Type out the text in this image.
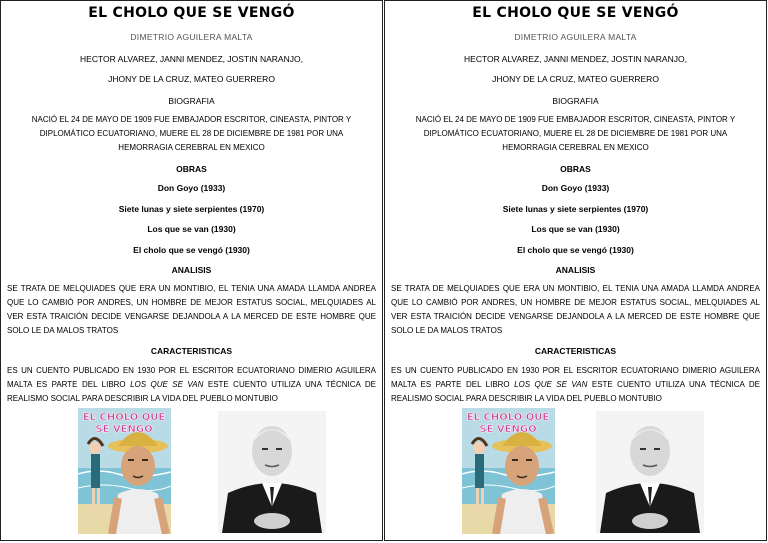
EL CHOLO QUE SE VENGÓ
DIMETRIO AGUILERA MALTA
HECTOR ALVAREZ, JANNI MENDEZ, JOSTIN NARANJO,
JHONY DE LA CRUZ, MATEO GUERRERO
BIOGRAFIA
NACIÓ EL 24 DE MAYO DE 1909 FUE EMBAJADOR ESCRITOR, CINEASTA, PINTOR Y DIPLOMÁTICO ECUATORIANO, MUERE EL 28 DE DICIEMBRE DE 1981 POR UNA HEMORRAGIA CEREBRAL EN MEXICO
OBRAS
Don Goyo (1933)
Siete lunas y siete serpientes (1970)
Los que se van (1930)
El cholo que se vengó (1930)
ANALISIS
SE TRATA DE MELQUIADES QUE ERA UN MONTIBIO, EL TENIA UNA AMADA LLAMDA ANDREA QUE LO CAMBIÓ POR ANDRES, UN HOMBRE DE MEJOR ESTATUS SOCIAL, MELQUIADES AL VER ESTA TRAICIÓN DECIDE VENGARSE DEJANDOLA A LA MERCED DE ESTE HOMBRE QUE SOLO LE DA MALOS TRATOS
CARACTERISTICAS
ES UN CUENTO PUBLICADO EN 1930 POR EL ESCRITOR ECUATORIANO DIMERIO AGUILERA MALTA ES PARTE DEL LIBRO LOS QUE SE VAN ESTE CUENTO UTILIZA UNA TÉCNICA DE REALISMO SOCIAL PARA DESCRIBIR LA VIDA DEL PUEBLO MONTUBIO
EL CHOLO QUE
SE VENGO
EL CHOLO QUE SE VENGÓ
DIMETRIO AGUILERA MALTA
HECTOR ALVAREZ, JANNI MENDEZ, JOSTIN NARANJO,
JHONY DE LA CRUZ, MATEO GUERRERO
BIOGRAFIA
NACIÓ EL 24 DE MAYO DE 1909 FUE EMBAJADOR ESCRITOR, CINEASTA, PINTOR Y DIPLOMÁTICO ECUATORIANO, MUERE EL 28 DE DICIEMBRE DE 1981 POR UNA HEMORRAGIA CEREBRAL EN MEXICO
OBRAS
Don Goyo (1933)
Siete lunas y siete serpientes (1970)
Los que se van (1930)
El cholo que se vengó (1930)
ANALISIS
SE TRATA DE MELQUIADES QUE ERA UN MONTIBIO, EL TENIA UNA AMADA LLAMDA ANDREA QUE LO CAMBIÓ POR ANDRES, UN HOMBRE DE MEJOR ESTATUS SOCIAL, MELQUIADES AL VER ESTA TRAICIÓN DECIDE VENGARSE DEJANDOLA A LA MERCED DE ESTE HOMBRE QUE SOLO LE DA MALOS TRATOS
CARACTERISTICAS
ES UN CUENTO PUBLICADO EN 1930 POR EL ESCRITOR ECUATORIANO DIMERIO AGUILERA MALTA ES PARTE DEL LIBRO LOS QUE SE VAN ESTE CUENTO UTILIZA UNA TÉCNICA DE REALISMO SOCIAL PARA DESCRIBIR LA VIDA DEL PUEBLO MONTUBIO
EL CHOLO QUE
SE VENGO
